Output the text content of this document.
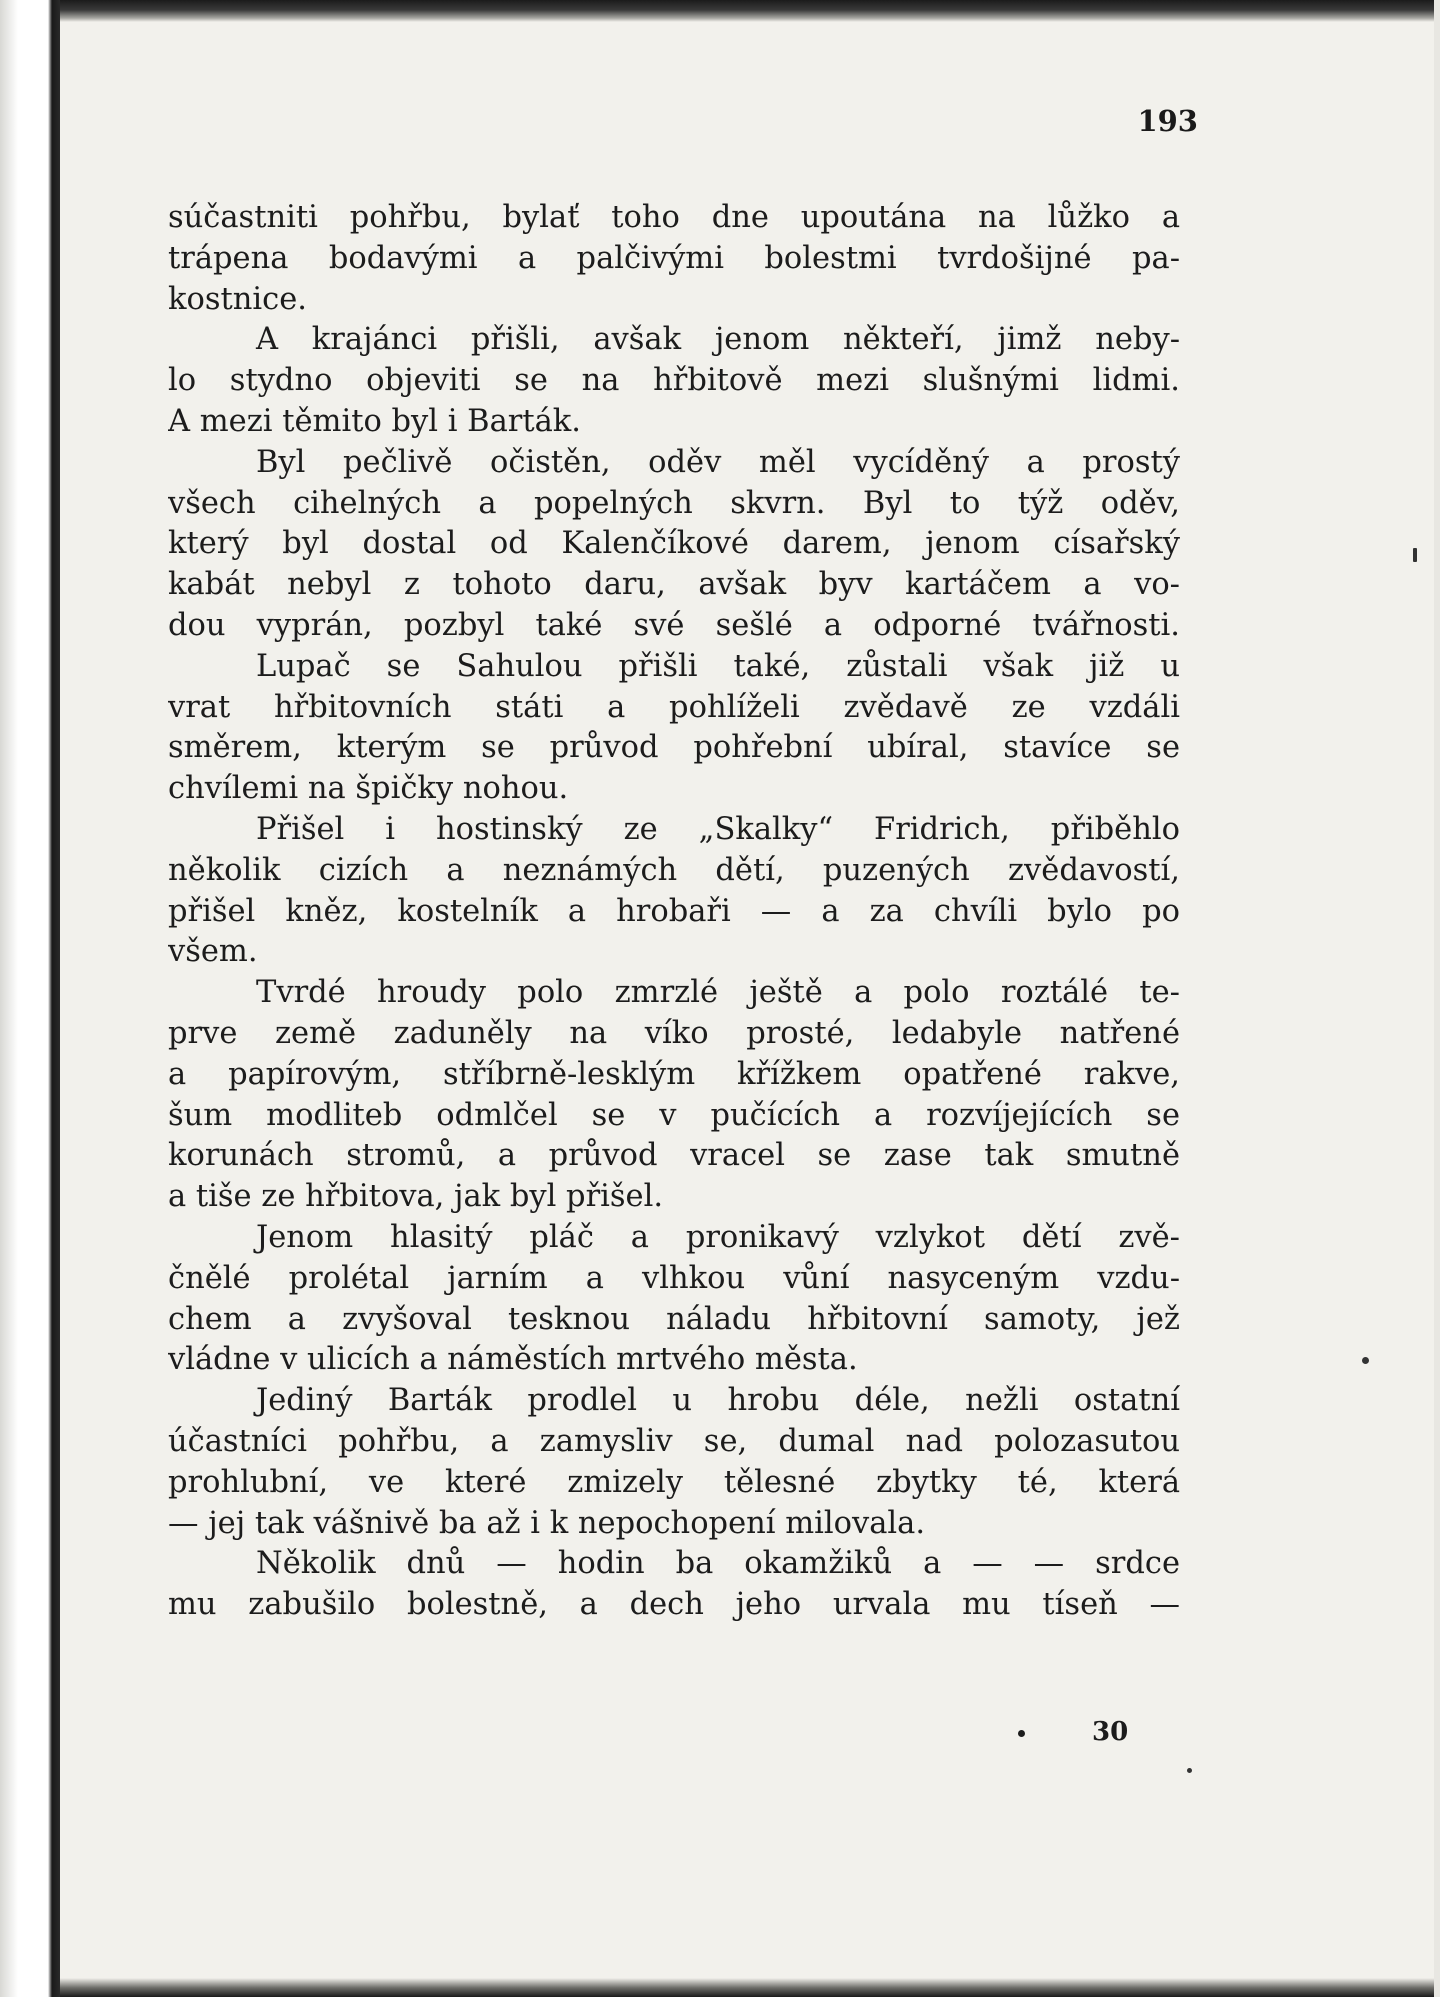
193

súčastniti pohřbu, bylať toho dne upoutána na lůžko a
trápena bodavými a palčivými bolestmi tvrdošijné pa-
kostnice.
A krajánci přišli, avšak jenom někteří, jimž neby-
lo stydno objeviti se na hřbitově mezi slušnými lidmi.
A mezi těmito byl i Barták.
Byl pečlivě očistěn, oděv měl vycíděný a prostý
všech cihelných a popelných skvrn. Byl to týž oděv,
který byl dostal od Kalenčíkové darem, jenom císařský
kabát nebyl z tohoto daru, avšak byv kartáčem a vo-
dou vyprán, pozbyl také své sešlé a odporné tvářnosti.
Lupač se Sahulou přišli také, zůstali však již u
vrat hřbitovních státi a pohlíželi zvědavě ze vzdáli
směrem, kterým se průvod pohřební ubíral, stavíce se
chvílemi na špičky nohou.
Přišel i hostinský ze „Skalky“ Fridrich, přiběhlo
několik cizích a neznámých dětí, puzených zvědavostí,
přišel kněz, kostelník a hrobaři — a za chvíli bylo po
všem.
Tvrdé hroudy polo zmrzlé ještě a polo roztálé te-
prve země zaduněly na víko prosté, ledabyle natřené
a papírovým, stříbrně-lesklým křížkem opatřené rakve,
šum modliteb odmlčel se v pučících a rozvíjejících se
korunách stromů, a průvod vracel se zase tak smutně
a tiše ze hřbitova, jak byl přišel.
Jenom hlasitý pláč a pronikavý vzlykot dětí zvě-
čnělé prolétal jarním a vlhkou vůní nasyceným vzdu-
chem a zvyšoval tesknou náladu hřbitovní samoty, jež
vládne v ulicích a náměstích mrtvého města.
Jediný Barták prodlel u hrobu déle, nežli ostatní
účastníci pohřbu, a zamysliv se, dumal nad polozasutou
prohlubní, ve které zmizely tělesné zbytky té, která
— jej tak vášnivě ba až i k nepochopení milovala.
Několik dnů — hodin ba okamžiků a — — srdce
mu zabušilo bolestně, a dech jeho urvala mu tíseň —
30
